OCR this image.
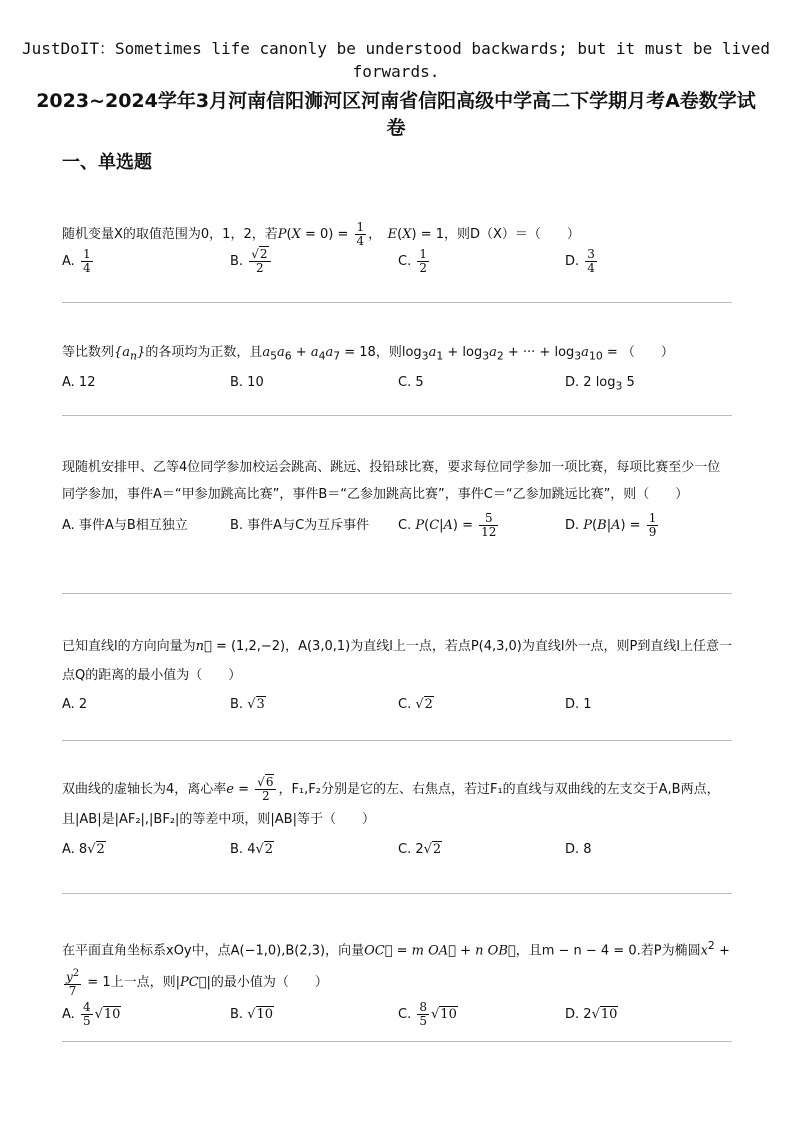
JustDoIT：Sometimes life canonly be understood backwards; but it must be lived forwards.
2023~2024学年3月河南信阳浉河区河南省信阳高级中学高二下学期月考A卷数学试卷
一、单选题

随机变量X的取值范围为0，1，2，若$P(X = 0) = \frac{1}{4}$ ，　E(X) = 1，则D（X）＝（　　）

A. $\frac{1}{4}$	B. $\frac{√2}{2}$	C. $\frac{1}{2}$	D. $\frac{3}{4}$

等比数列$\{a_n\}$的各项均为正数，且$a_5a_6 + a_4a_7 = 18$，则$\log_3a_1 + \log_3a_2$ + ··· + $\log_3a_{10}$ = （　　）

A. 12	B. 10	C. 5	D. 2 $\log_3 5$

现随机安排甲、乙等4位同学参加校运会跳高、跳远、投铅球比赛，要求每位同学参加一项比赛，每项比赛至少一位同学参加，事件A＝“甲参加跳高比赛”，事件B＝“乙参加跳高比赛”，事件C＝“乙参加跳远比赛”，则（　　）

A. 事件A与B相互独立	B. 事件A与C为互斥事件 C. $P(C|A) = \frac{5}{12}$	D. $P(B|A) = \frac{1}{9}$

已知直线l的方向向量为n⃗ = (1,2,−2)，A(3,0,1)为直线l上一点，若点P(4,3,0)为直线l外一点，则P到直线l上任意一点Q的距离的最小值为（　　）

A. 2	B. √3	C. √2	D. 1

双曲线的虚轴长为4，离心率$e = \frac{√6}{2}$ ，F₁,F₂分别是它的左、右焦点，若过F₁的直线与双曲线的左支交于A,B两点，且|AB|是|AF₂|,|BF₂|的等差中项，则|AB|等于（　　）

A. 8√2	B. 4√2	C. 2√2	D. 8

在平面直角坐标系xOy中，点A(−1,0),B(2,3)，向量OC⃗ = m OA⃗ + n OB⃗，且m − n − 4 = 0.若P为椭圆$x^2$ +
$\frac{y^2}{7} = 1$上一点，则|PC⃗|的最小值为（　　）

A. $\frac{4}{5} √10$	B. √10	C. $\frac{8}{5} √10$	D. 2√10
